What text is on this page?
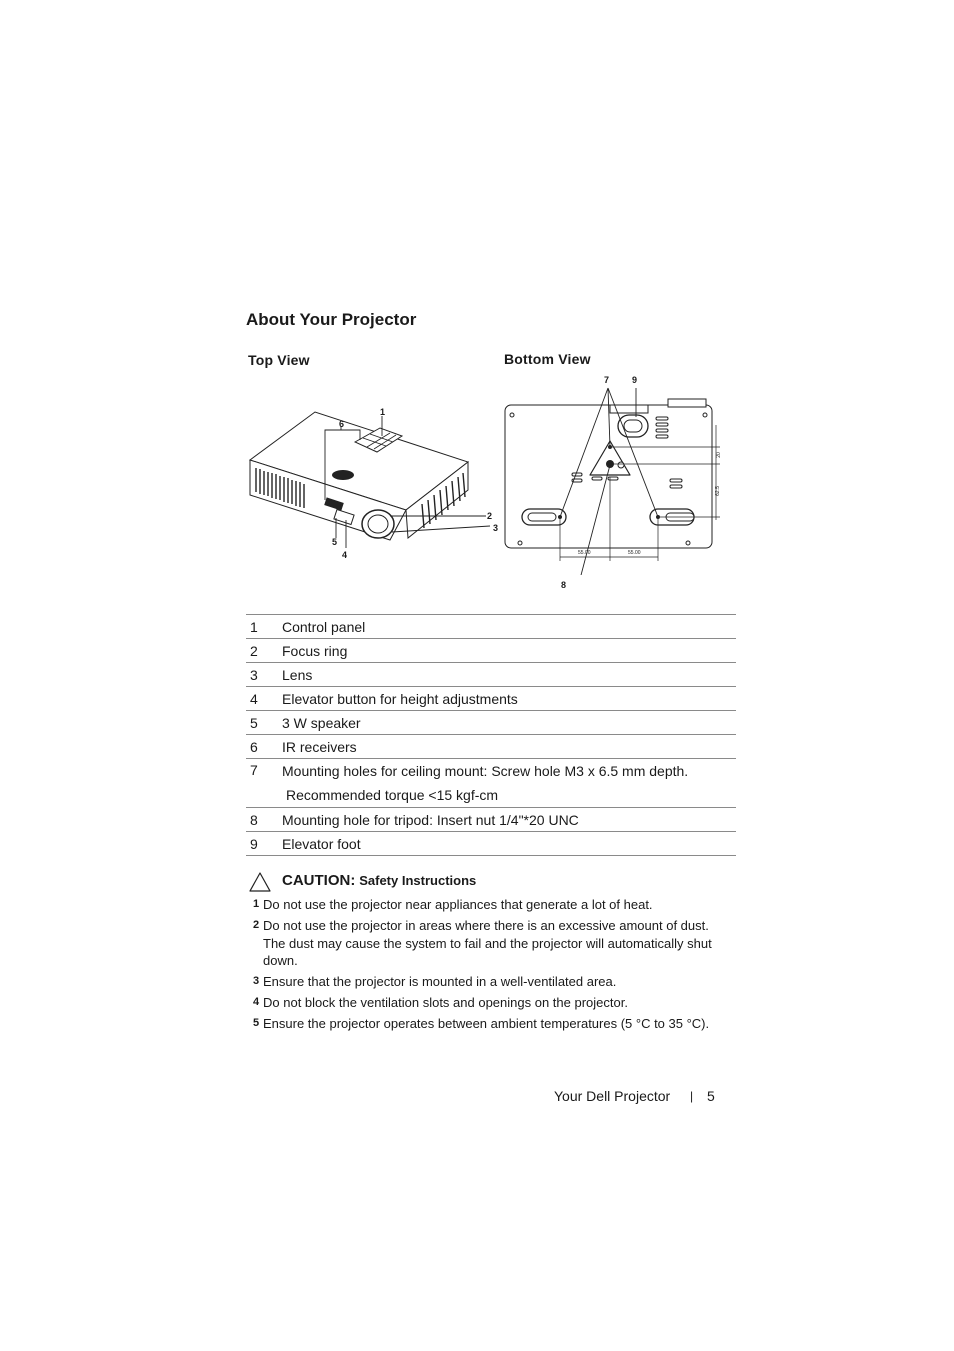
About Your Projector
Top View	Bottom View
1
2
3
4
5
6
7	9
8
55.00	55.00
20
62.5
1	Control panel
2	Focus ring
3	Lens
4	Elevator button for height adjustments
5	3 W speaker
6	IR receivers
7	Mounting holes for ceiling mount: Screw hole M3 x 6.5 mm depth.
Recommended torque <15 kgf-cm

8	Mounting hole for tripod: Insert nut 1/4"*20 UNC
9	Elevator foot
CAUTION: Safety Instructions
1 Do not use the projector near appliances that generate a lot of heat.
2 Do not use the projector in areas where there is an excessive amount of dust. The dust may cause the system to fail and the projector will automatically shut down.
3 Ensure that the projector is mounted in a well-ventilated area.
4 Do not block the ventilation slots and openings on the projector.
5 Ensure the projector operates between ambient temperatures (5 °C to 35 °C).
Your Dell Projector | 5
